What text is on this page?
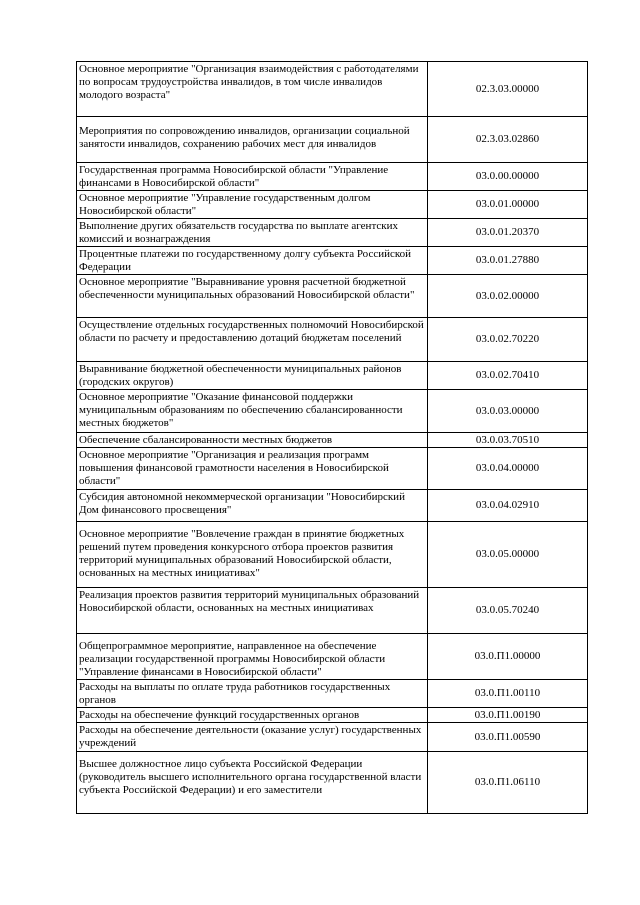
Основное мероприятие "Организация взаимодействия с работодателями по вопросам трудоустройства инвалидов, в том числе инвалидов молодого возраста"	02.3.03.00000
Мероприятия по сопровождению инвалидов, организации социальной занятости инвалидов, сохранению рабочих мест для инвалидов	02.3.03.02860
Государственная программа Новосибирской области "Управление финансами в Новосибирской области"	03.0.00.00000
Основное мероприятие "Управление государственным долгом Новосибирской области"	03.0.01.00000
Выполнение других обязательств государства по выплате агентских комиссий и вознаграждения	03.0.01.20370
Процентные платежи по государственному долгу субъекта Российской Федерации	03.0.01.27880
Основное мероприятие "Выравнивание уровня расчетной бюджетной обеспеченности муниципальных образований Новосибирской области"	03.0.02.00000
Осуществление отдельных государственных полномочий Новосибирской области по расчету и предоставлению дотаций бюджетам поселений	03.0.02.70220
Выравнивание бюджетной обеспеченности муниципальных районов (городских округов)	03.0.02.70410
Основное мероприятие "Оказание финансовой поддержки муниципальным образованиям по обеспечению сбалансированности местных бюджетов"	03.0.03.00000
Обеспечение сбалансированности местных бюджетов	03.0.03.70510
Основное мероприятие "Организация и реализация программ повышения финансовой грамотности населения в Новосибирской области"	03.0.04.00000
Субсидия автономной некоммерческой организации "Новосибирский Дом финансового просвещения"	03.0.04.02910
Основное мероприятие "Вовлечение граждан в принятие бюджетных решений путем проведения конкурсного отбора проектов развития территорий муниципальных образований Новосибирской области, основанных на местных инициативах"	03.0.05.00000
Реализация проектов развития территорий муниципальных образований Новосибирской области, основанных на местных инициативах	03.0.05.70240
Общепрограммное мероприятие, направленное на обеспечение реализации государственной программы Новосибирской области "Управление финансами в Новосибирской области"	03.0.П1.00000
Расходы на выплаты по оплате труда работников государственных органов	03.0.П1.00110
Расходы на обеспечение функций государственных органов	03.0.П1.00190
Расходы на обеспечение деятельности (оказание услуг) государственных учреждений	03.0.П1.00590
Высшее должностное лицо субъекта Российской Федерации (руководитель высшего исполнительного органа государственной власти субъекта Российской Федерации) и его заместители	03.0.П1.06110
